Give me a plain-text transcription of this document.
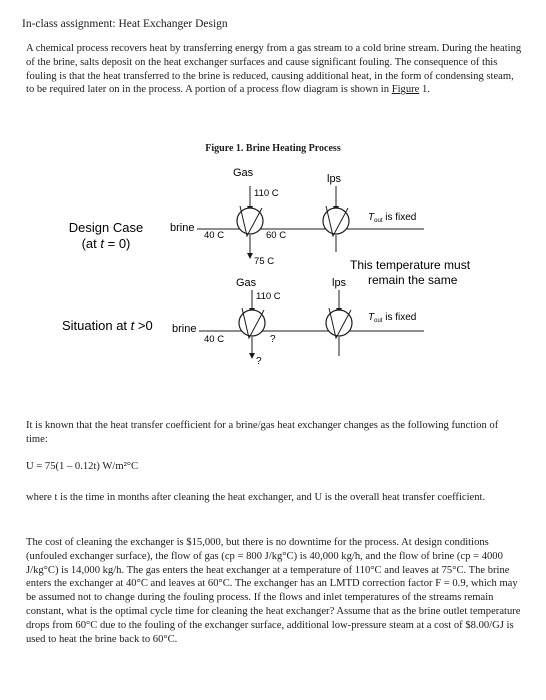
In-class assignment: Heat Exchanger Design
A chemical process recovers heat by transferring energy from a gas stream to a cold brine stream. During the heating of the brine, salts deposit on the heat exchanger surfaces and cause significant fouling. The consequence of this fouling is that the heat transferred to the brine is reduced, causing additional heat, in the form of condensing steam, to be required later on in the process. A portion of a process flow diagram is shown in Figure 1.
Figure 1. Brine Heating Process
Design Case
(at t = 0)
brine
40 C	60 C
Gas
110 C
75 C
lps
$T_{out}$ is fixed
This temperature must
remain the same
Situation at t >0 brine
40 C	?
Gas
110 C
?
lps
$T_{out}$ is fixed
It is known that the heat transfer coefficient for a brine/gas heat exchanger changes as the following function of time:
U = 75(1 – 0.12t) W/m²°C
where t is the time in months after cleaning the heat exchanger, and U is the overall heat transfer coefficient.
The cost of cleaning the exchanger is $15,000, but there is no downtime for the process. At design conditions (unfouled exchanger surface), the flow of gas (cp = 800 J/kg°C) is 40,000 kg/h, and the flow of brine (cp = 4000 J/kg°C) is 14,000 kg/h. The gas enters the heat exchanger at a temperature of 110°C and leaves at 75°C. The brine enters the exchanger at 40°C and leaves at 60°C. The exchanger has an LMTD correction factor F = 0.9, which may be assumed not to change during the fouling process. If the flows and inlet temperatures of the streams remain constant, what is the optimal cycle time for cleaning the heat exchanger? Assume that as the brine outlet temperature drops from 60°C due to the fouling of the exchanger surface, additional low-pressure steam at a cost of $8.00/GJ is used to heat the brine back to 60°C.
